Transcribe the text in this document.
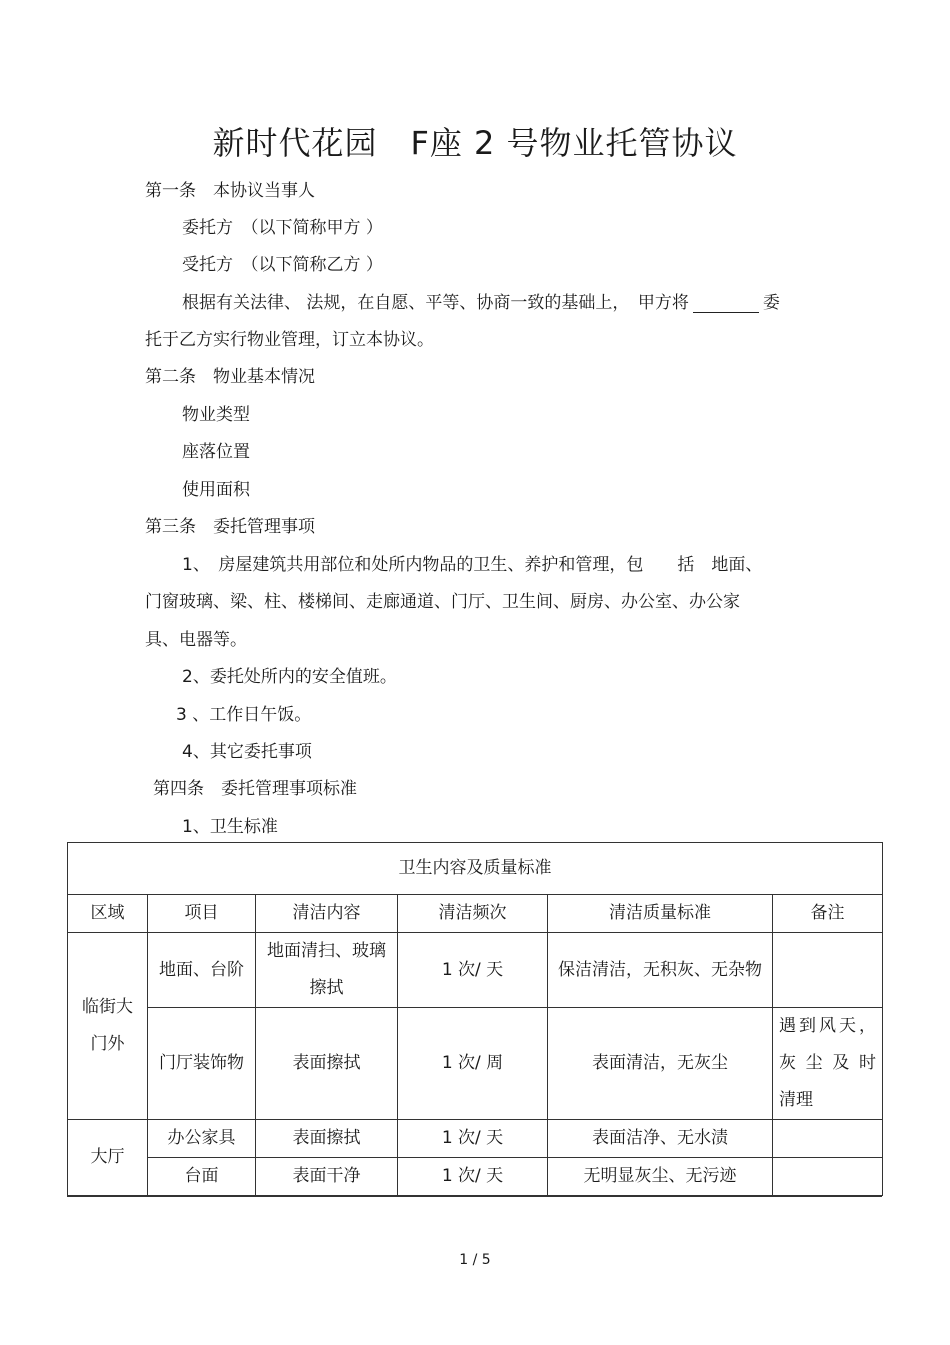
新时代花园　F座 2 号物业托管协议
第一条　本协议当事人
委托方　（以下简称甲方 ）
受托方　（以下简称乙方 ）
根据有关法律、 法规，在自愿、平等、协商一致的基础上，　甲方将	委
托于乙方实行物业管理，订立本协议。
第二条　物业基本情况
物业类型
座落位置
使用面积
第三条　委托管理事项
1、　房屋建筑共用部位和处所内物品的卫生、养护和管理，包　　括　地面、
门窗玻璃、梁、柱、楼梯间、走廊通道、门厅、卫生间、厨房、办公室、办公家
具、电器等。
2、委托处所内的安全值班。
3 、工作日午饭。
4、其它委托事项
第四条　委托管理事项标准
1、卫生标准
卫生内容及质量标准					
区域	项目	清洁内容	清洁频次	清洁质量标准	备注
临街大门外	地面、台阶	地面清扫、玻璃擦拭	1 次/ 天	保洁清洁，无积灰、无杂物	
	门厅装饰物	表面擦拭	1 次/ 周	表面清洁，无灰尘	遇到风天，灰 尘 及 时 清理
大厅	办公家具	表面擦拭	1 次/ 天	表面洁净、无水渍	
	台面	表面干净	1 次/ 天	无明显灰尘、无污迹	
1 / 5
